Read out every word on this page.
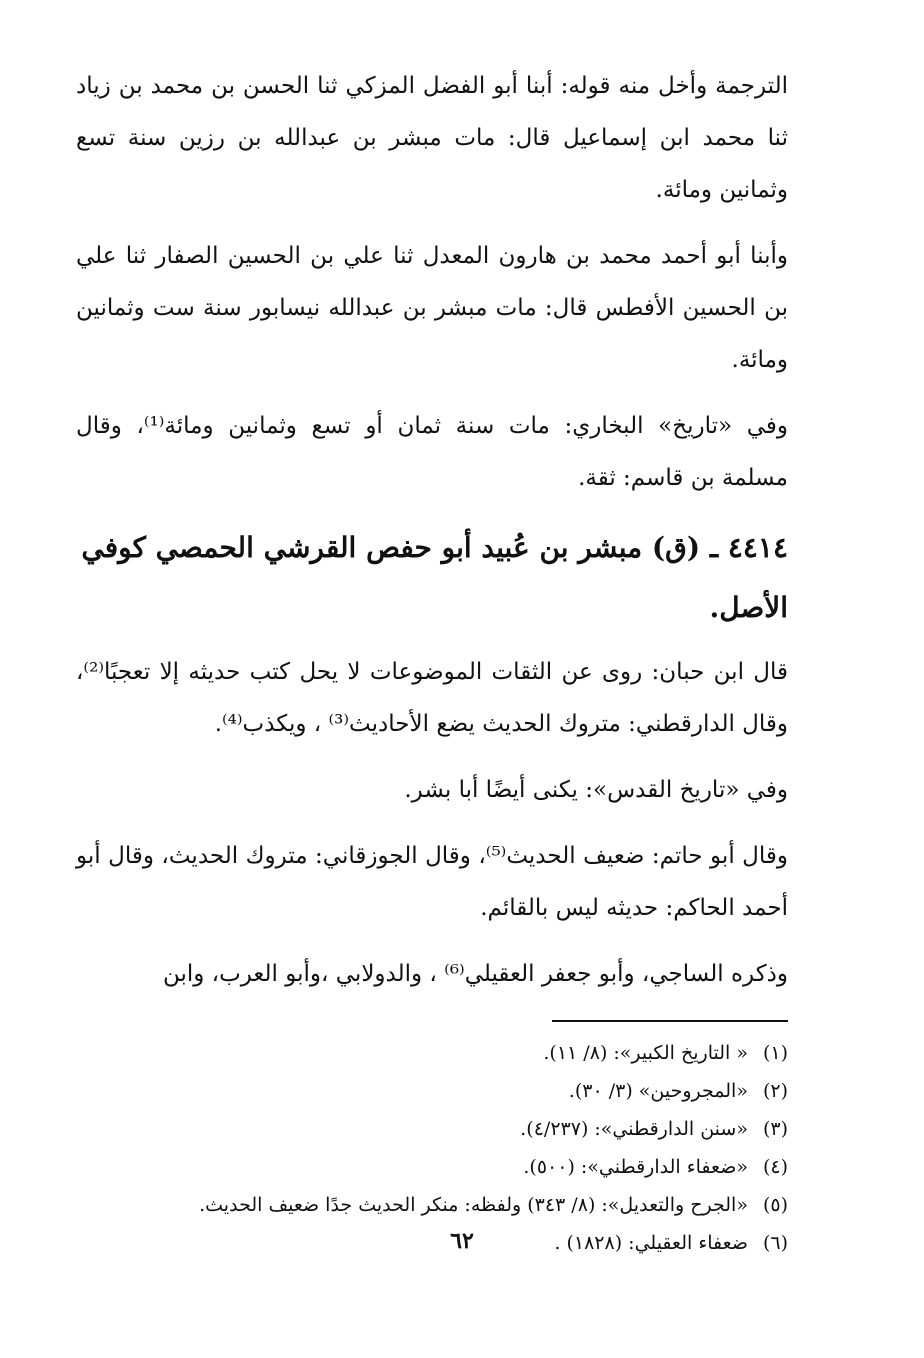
الترجمة وأخل منه قوله: أبنا أبو الفضل المزكي ثنا الحسن بن محمد بن زياد ثنا محمد ابن إسماعيل قال: مات مبشر بن عبدالله بن رزين سنة تسع وثمانين ومائة.

وأبنا أبو أحمد محمد بن هارون المعدل ثنا علي بن الحسين الصفار ثنا علي بن الحسين الأفطس قال: مات مبشر بن عبدالله نيسابور سنة ست وثمانين ومائة.

وفي «تاريخ» البخاري: مات سنة ثمان أو تسع وثمانين ومائة⁽¹⁾، وقال مسلمة بن قاسم: ثقة.

٤٤١٤ ـ (ق) مبشر بن عُبيد أبو حفص القرشي الحمصي كوفي الأصل.

قال ابن حبان: روى عن الثقات الموضوعات لا يحل كتب حديثه إلا تعجبًا⁽²⁾، وقال الدارقطني: متروك الحديث يضع الأحاديث⁽³⁾ ، ويكذب⁽⁴⁾.

وفي «تاريخ القدس»: يكنى أيضًا أبا بشر.

وقال أبو حاتم: ضعيف الحديث⁽⁵⁾، وقال الجوزقاني: متروك الحديث، وقال أبو أحمد الحاكم: حديثه ليس بالقائم.

وذكره الساجي، وأبو جعفر العقيلي⁽⁶⁾ ، والدولابي ،وأبو العرب، وابن

(١) « التاريخ الكبير»: (٨/ ١١).

(٢) «المجروحين» (٣/ ٣٠).

(٣) «سنن الدارقطني»: (٤/٢٣٧).

(٤) «ضعفاء الدارقطني»: (٥٠٠).

(٥) «الجرح والتعديل»: (٨/ ٣٤٣) ولفظه: منكر الحديث جدًا ضعيف الحديث.

(٦) ضعفاء العقيلي: (١٨٢٨) .

٦٢
